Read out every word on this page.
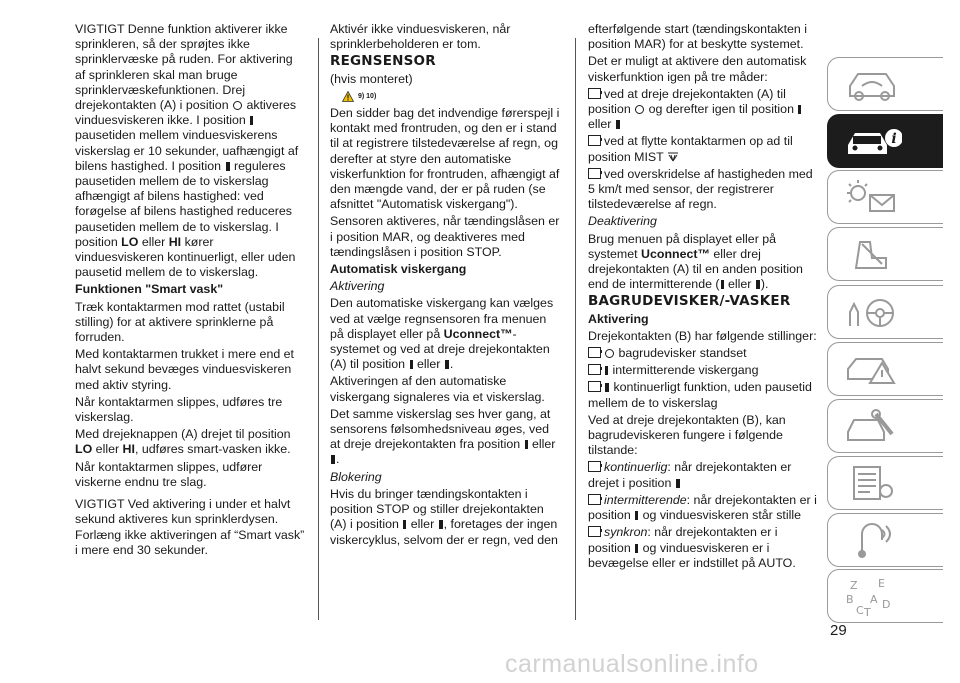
VIGTIGT Denne funktion aktiverer ikke sprinkleren, så der sprøjtes ikke sprinklervæske på ruden. For aktivering af sprinkleren skal man bruge sprinklervæskefunktionen. Drej drejekontakten (A) i position aktiveres vinduesviskeren ikke. I position  pausetiden mellem vinduesviskerens viskerslag er 10 sekunder, uafhængigt af bilens hastighed. I position reguleres pausetiden mellem de to viskerslag afhængigt af bilens hastighed: ved forøgelse af bilens hastighed reduceres pausetiden mellem de to viskerslag. I position LO eller HI kører vinduesviskeren kontinuerligt, eller uden pausetid mellem de to viskerslag.

Funktionen "Smart vask"

Træk kontaktarmen mod rattet (ustabil stilling) for at aktivere sprinklerne på forruden.

Med kontaktarmen trukket i mere end et halvt sekund bevæges vinduesviskeren med aktiv styring.

Når kontaktarmen slippes, udføres tre viskerslag.

Med drejeknappen (A) drejet til position LO eller HI, udføres smart-vasken ikke.

Når kontaktarmen slippes, udfører viskerne endnu tre slag.

VIGTIGT Ved aktivering i under et halvt sekund aktiveres kun sprinklerdysen. Forlæng ikke aktiveringen af “Smart vask” i mere end 30 sekunder.

Aktivér ikke vinduesviskeren, når sprinklerbeholderen er tom.

REGNSENSOR

(hvis monteret)

9) 10)

Den sidder bag det indvendige førerspejl i kontakt med frontruden, og den er i stand til at registrere tilstedeværelse af regn, og derefter at styre den automatiske viskerfunktion for frontruden, afhængigt af den mængde vand, der er på ruden (se afsnittet "Automatisk viskergang").

Sensoren aktiveres, når tændingslåsen er i position MAR, og deaktiveres med tændingslåsen i position STOP.

Automatisk viskergang

Aktivering

Den automatiske viskergang kan vælges ved at vælge regnsensoren fra menuen på displayet eller på Uconnect™-systemet og ved at dreje drejekontakten (A) til position eller .

Aktiveringen af den automatiske viskergang signaleres via et viskerslag.

Det samme viskerslag ses hver gang, at sensorens følsomhedsniveau øges, ved at dreje drejekontakten fra position eller .

Blokering

Hvis du bringer tændingskontakten i position STOP og stiller drejekontakten (A) i position eller , foretages der ingen viskercyklus, selvom der er regn, ved den

efterfølgende start (tændingskontakten i position MAR) for at beskytte systemet.

Det er muligt at aktivere den automatisk viskerfunktion igen på tre måder:

ved at dreje drejekontakten (A) til position og derefter igen til position  eller

ved at flytte kontaktarmen op ad til position MIST

ved overskridelse af hastigheden med 5 km/t med sensor, der registrerer tilstedeværelse af regn.

Deaktivering

Brug menuen på displayet eller på systemet Uconnect™ eller drej drejekontakten (A) til en anden position end de intermitterende ( eller ).

BAGRUDEVISKER/-VASKER

Aktivering

Drejekontakten (B) har følgende stillinger:

bagrudevisker standset

intermitterende viskergang

kontinuerligt funktion, uden pausetid mellem de to viskerslag

Ved at dreje drejekontakten (B), kan bagrudeviskeren fungere i følgende tilstande:

kontinuerlig: når drejekontakten er drejet i position

intermitterende: når drejekontakten er i position og vinduesviskeren står stille

synkron: når drejekontakten er i position og vinduesviskeren er i bevægelse eller er indstillet på AUTO.

i
Z E
B A
C T
D
29
carmanualsonline.info
